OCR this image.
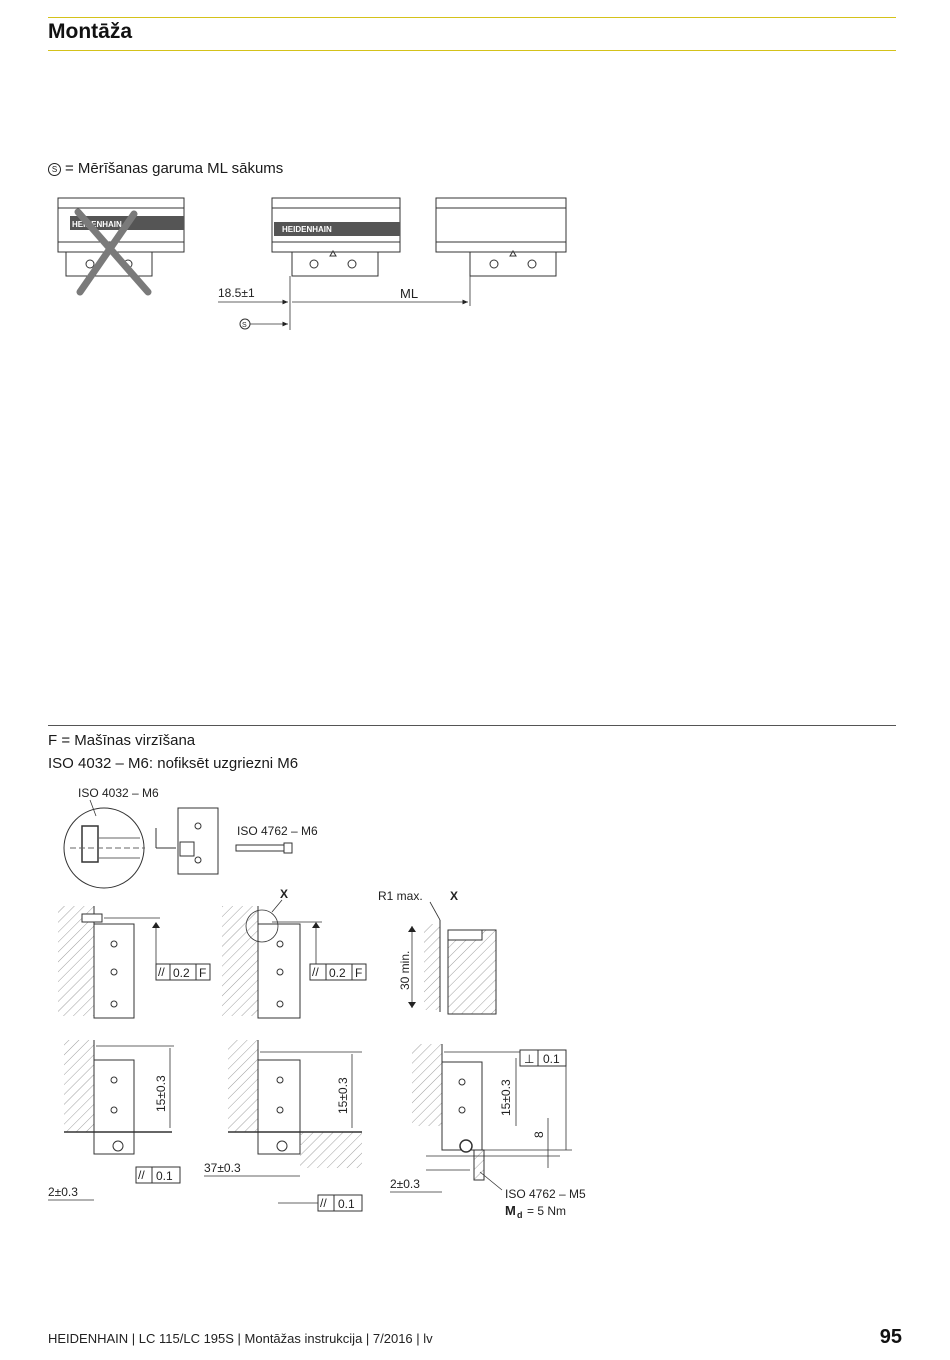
Montāža
S = Mērīšanas garuma ML sākums
HEIDENHAIN
HEIDENHAIN
18.5±1	ML
S
ISO 4032 – M6
ISO 4762 – M6
// 0.2 F
X
// 0.2 F
R1 max. X
30 min.
15±0.3
// 0.1
2±0.3
15±0.3
37±0.3
// 0.1
⊥ 0.1
15±0.3
8
2±0.3
ISO 4762 – M5
M d = 5 Nm
F = Mašīnas virzīšana
ISO 4032 – M6: nofiksēt uzgriezni M6
HEIDENHAIN | LC 115/LC 195S | Montāžas instrukcija | 7/2016 | lv	95
